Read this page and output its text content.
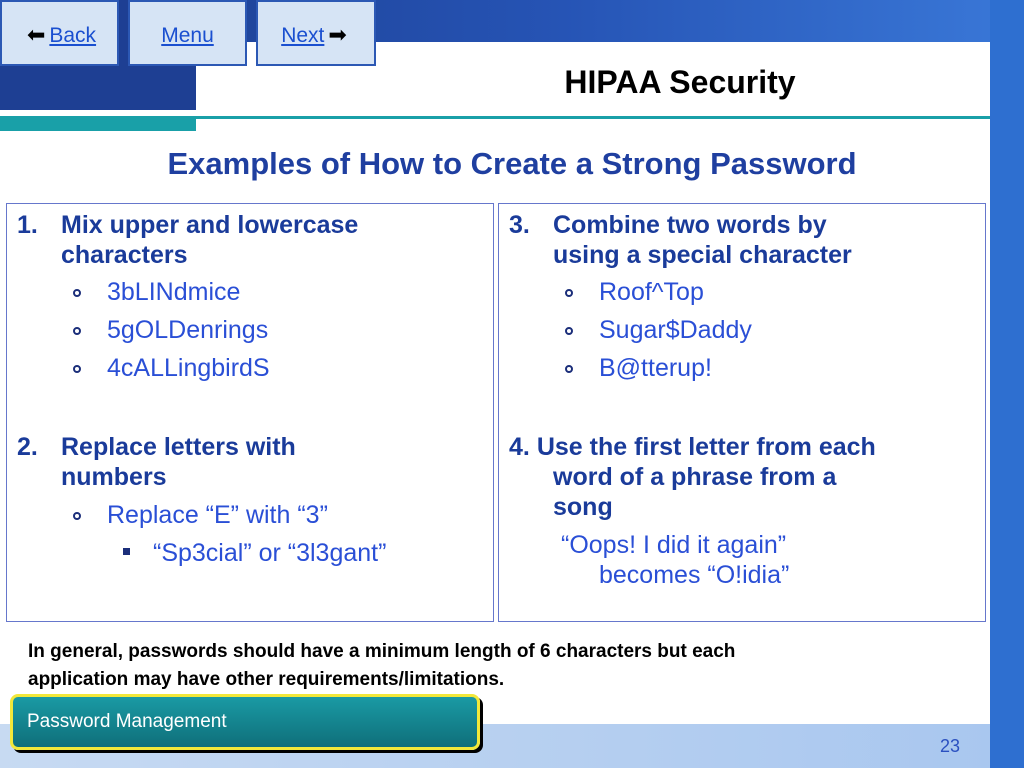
⬅ Back	Menu	Next ➡
HIPAA Security
Examples of How to Create a Strong Password
1. Mix upper and lowercase
characters
3bLINdmice
5gOLDenrings
4cALLingbirdS
2. Replace letters with
numbers
Replace “E” with “3”
“Sp3cial” or “3l3gant”
3. Combine two words by
using a special character
Roof^Top
Sugar$Daddy
B@tterup!
4. Use the first letter from each
word of a phrase from a
song
“Oops! I did it again”
becomes “O!idia”
In general, passwords should have a minimum length of 6 characters but each
application may have other requirements/limitations.
Password Management
23
